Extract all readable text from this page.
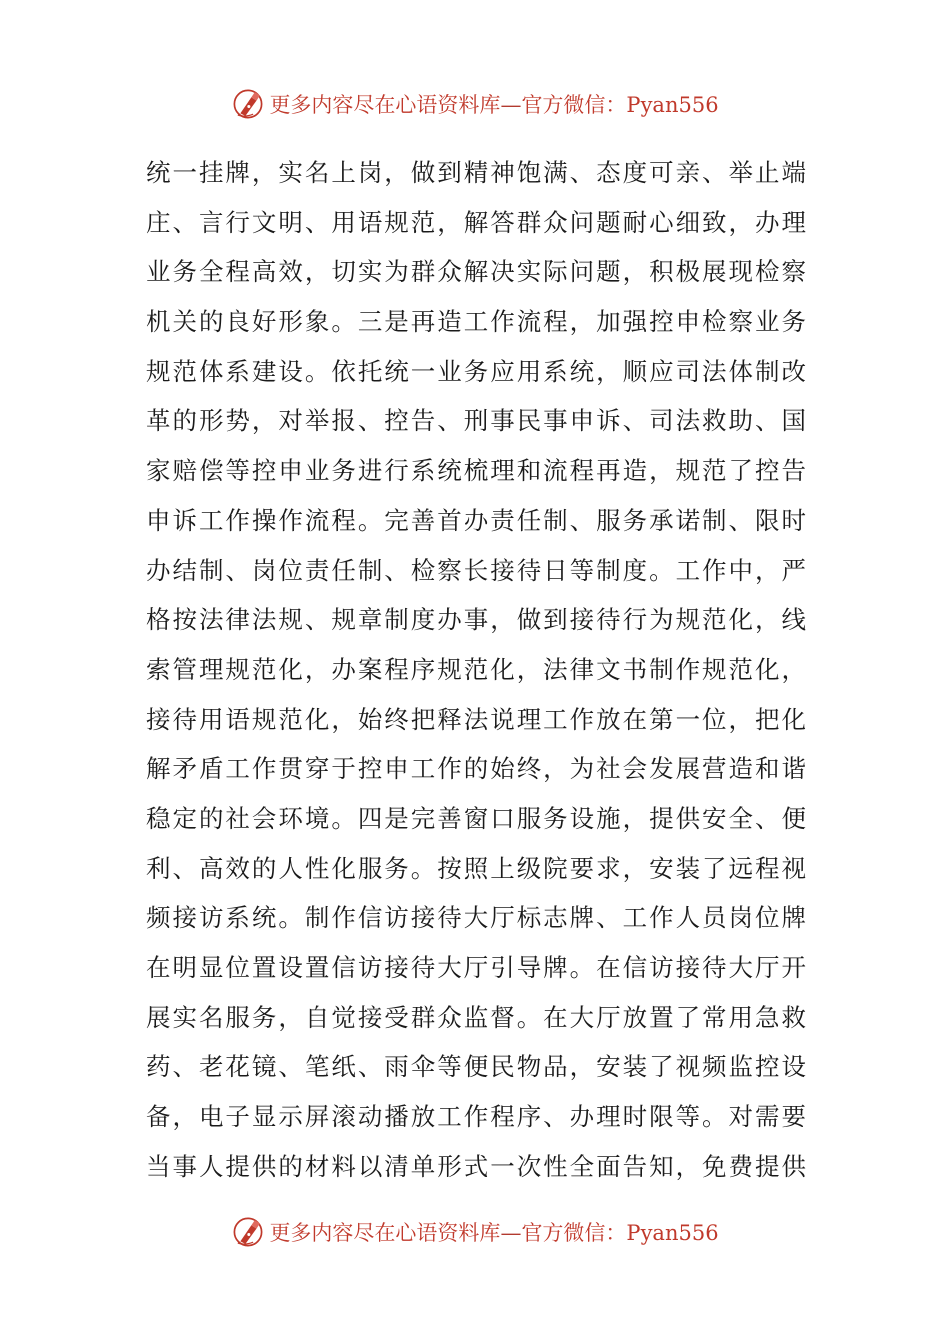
更多内容尽在心语资料库—官方微信：Pyan556
统一挂牌，实名上岗，做到精神饱满、态度可亲、举止端
庄、言行文明、用语规范，解答群众问题耐心细致，办理
业务全程高效，切实为群众解决实际问题，积极展现检察
机关的良好形象。三是再造工作流程，加强控申检察业务
规范体系建设。依托统一业务应用系统，顺应司法体制改
革的形势，对举报、控告、刑事民事申诉、司法救助、国
家赔偿等控申业务进行系统梳理和流程再造，规范了控告
申诉工作操作流程。完善首办责任制、服务承诺制、限时
办结制、岗位责任制、检察长接待日等制度。工作中，严
格按法律法规、规章制度办事，做到接待行为规范化，线
索管理规范化，办案程序规范化，法律文书制作规范化，
接待用语规范化，始终把释法说理工作放在第一位，把化
解矛盾工作贯穿于控申工作的始终，为社会发展营造和谐
稳定的社会环境。四是完善窗口服务设施，提供安全、便
利、高效的人性化服务。按照上级院要求，安装了远程视
频接访系统。制作信访接待大厅标志牌、工作人员岗位牌
在明显位置设置信访接待大厅引导牌。在信访接待大厅开
展实名服务，自觉接受群众监督。在大厅放置了常用急救
药、老花镜、笔纸、雨伞等便民物品，安装了视频监控设
备，电子显示屏滚动播放工作程序、办理时限等。对需要
当事人提供的材料以清单形式一次性全面告知，免费提供
更多内容尽在心语资料库—官方微信：Pyan556
